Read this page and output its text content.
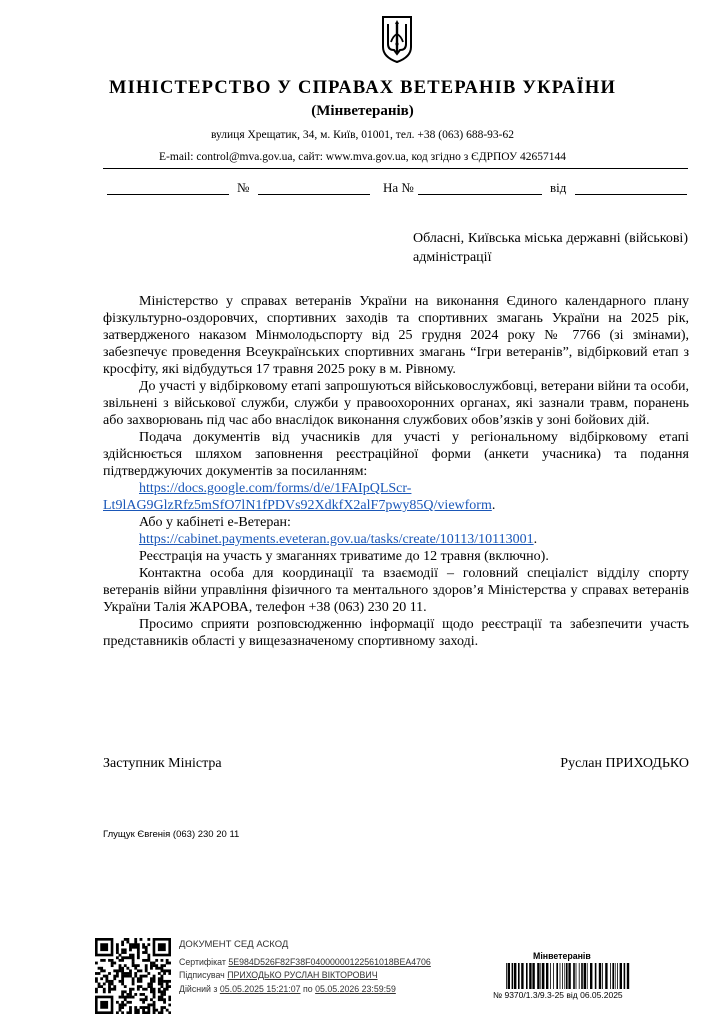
МІНІСТЕРСТВО У СПРАВАХ ВЕТЕРАНІВ УКРАЇНИ
(Мінветеранів)
вулиця Хрещатик, 34, м. Київ, 01001, тел. +38 (063) 688-93-62
E-mail: control@mva.gov.ua, сайт: www.mva.gov.ua, код згідно з ЄДРПОУ 42657144
№	На №	від
Обласні, Київська міська державні (військові) адміністрації

Міністерство у справах ветеранів України на виконання Єдиного календарного плану фізкультурно-оздоровчих, спортивних заходів та спортивних змагань України на 2025 рік, затвердженого наказом Мінмолодьспорту від 25 грудня 2024 року № 7766 (зі змінами), забезпечує проведення Всеукраїнських спортивних змагань “Ігри ветеранів”, відбірковий етап з кросфіту, які відбудуться 17 травня 2025 року в м. Рівному.

До участі у відбірковому етапі запрошуються військовослужбовці, ветерани війни та особи, звільнені з військової служби, служби у правоохоронних органах, які зазнали травм, поранень або захворювань під час або внаслідок виконання службових обов’язків у зоні бойових дій.

Подача документів від учасників для участі у регіональному відбірковому етапі здійснюється шляхом заповнення реєстраційної форми (анкети учасника) та подання підтверджуючих документів за посиланням:

https://docs.google.com/forms/d/e/1FAIpQLScr-
Lt9lAG9GlzRfz5mSfO7lN1fPDVs92XdkfX2alF7pwy85Q/viewform.

Або у кабінеті е-Ветеран:

https://cabinet.payments.eveteran.gov.ua/tasks/create/10113/10113001.

Реєстрація на участь у змаганнях триватиме до 12 травня (включно).

Контактна особа для координації та взаємодії – головний спеціаліст відділу спорту ветеранів війни управління фізичного та ментального здоров’я Міністерства у справах ветеранів України Талія ЖАРОВА, телефон +38 (063) 230 20 11.

Просимо сприяти розповсюдженню інформації щодо реєстрації та забезпечити участь представників області у вищезазначеному спортивному заході.

Заступник Міністра	Руслан ПРИХОДЬКО
Глущук Євгенія (063) 230 20 11
ДОКУМЕНТ СЕД АСКОД
Сертифікат 5E984D526F82F38F04000000122561018BEA4706
Підписувач ПРИХОДЬКО РУСЛАН ВІКТОРОВИЧ
Дійсний з 05.05.2025 15:21:07 по 05.05.2026 23:59:59
Мінветеранів
№ 9370/1.3/9.3-25 від 06.05.2025
